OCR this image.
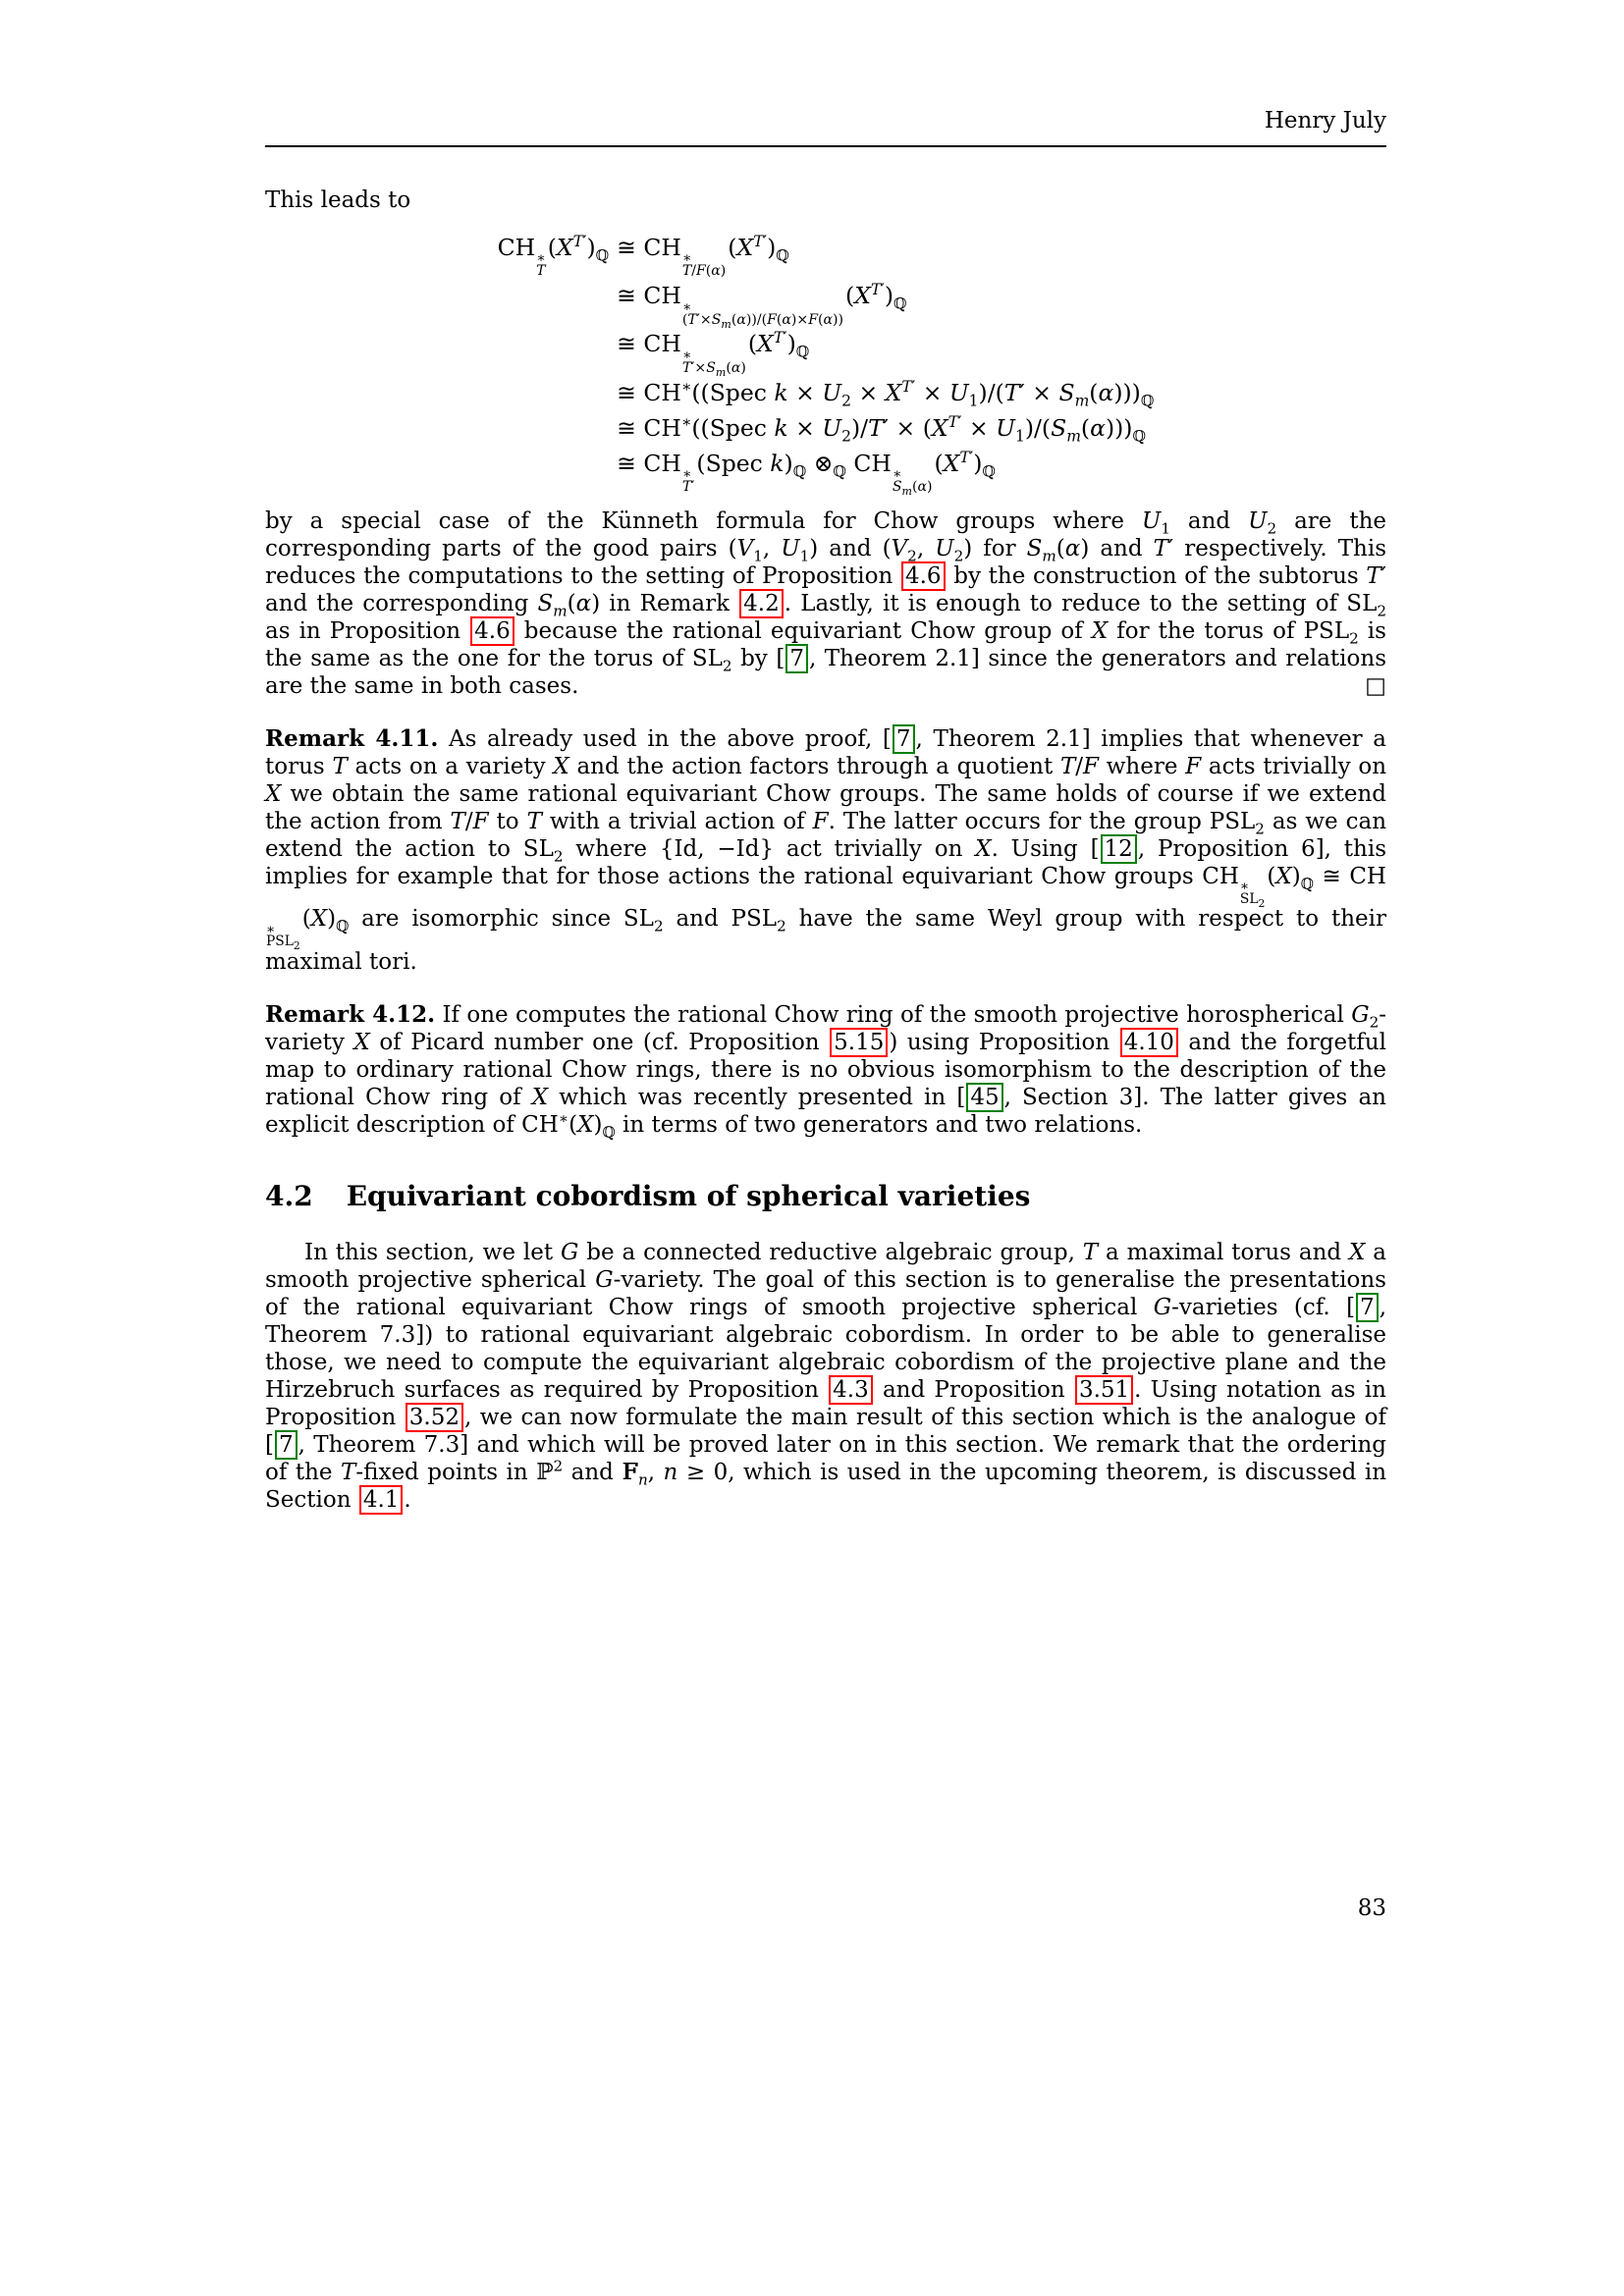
Henry July

This leads to

CH ∗
T
$(X^{T'})_ℚ$	≅ CH ∗
T/F(α)
$(X^{T'})_ℚ$
	≅ CH ∗
$(T'\times S_m(\alpha))/(F(\alpha)\times F(\alpha))$
$(X^{T'})_ℚ$
	≅ CH ∗
$T'\times S_m(\alpha)$
$(X^{T'})_ℚ$
	≅ CH∗((Spec $k \times U_2 \times X^{T'} \times U_1)/(T' \times S_m(\alpha)))_ℚ$
	≅ CH∗((Spec $k \times U_2)/T' \times (X^{T'} \times U_1)/(S_m(\alpha)))_ℚ$
	≅ CH ∗
T′
(Spec $k)_ℚ$ $\otimes_ℚ$ CH ∗
$S_m(\alpha)$
$(X^{T'})_ℚ$

by a special case of the Künneth formula for Chow groups where $U_1$ and $U_2$ are the corresponding parts of the good pairs ($V_1$, $U_1$) and ($V_2$, $U_2$) for $S_m(\alpha)$ and T′ respectively. This reduces the computations to the setting of Proposition 4.6 by the construction of the subtorus T′ and the corresponding $S_m(\alpha)$ in Remark 4.2 . Lastly, it is enough to reduce to the setting of $SL_2$ as in Proposition 4.6 because the rational equivariant Chow group of X for the torus of $PSL_2$ is the same as the one for the torus of $SL_2$ by [ 7 , Theorem 2.1] since the generators and relations are the same in both cases.	□

Remark 4.11. As already used in the above proof, [ 7 , Theorem 2.1] implies that whenever a torus T acts on a variety X and the action factors through a quotient T/F where F acts trivially on X we obtain the same rational equivariant Chow groups. The same holds of course if we extend the action from T/F to T with a trivial action of F. The latter occurs for the group $PSL_2$ as we can extend the action to $SL_2$ where {Id, −Id} act trivially on X. Using [ 12 , Proposition 6], this implies for example that for those actions the rational equivariant Chow groups CH ∗
$SL_2$
$(X)_ℚ$ ≅ CH
∗
$PSL_2$
$(X)_ℚ$ are isomorphic since $SL_2$ and $PSL_2$ have the same Weyl group with respect to their maximal tori.

Remark 4.12. If one computes the rational Chow ring of the smooth projective horospherical $G_2$-variety X of Picard number one (cf. Proposition 5.15 ) using Proposition 4.10 and the forgetful map to ordinary rational Chow rings, there is no obvious isomorphism to the description of the rational Chow ring of X which was recently presented in [ 45 , Section 3]. The latter gives an explicit description of $CH^∗(X)_ℚ$ in terms of two generators and two relations.

4.2 Equivariant cobordism of spherical varieties

In this section, we let G be a connected reductive algebraic group, T a maximal torus and X a smooth projective spherical G-variety. The goal of this section is to generalise the presentations of the rational equivariant Chow rings of smooth projective spherical G-varieties (cf. [ 7 , Theorem 7.3]) to rational equivariant algebraic cobordism. In order to be able to generalise those, we need to compute the equivariant algebraic cobordism of the projective plane and the Hirzebruch surfaces as required by Proposition 4.3 and Proposition 3.51 . Using notation as in Proposition 3.52 , we can now formulate the main result of this section which is the analogue of [ 7 , Theorem 7.3] and which will be proved later on in this section. We remark that the ordering of the T-fixed points in ℙ$^2$ and $F_n$, n ≥ 0, which is used in the upcoming theorem, is discussed in Section 4.1 .

83
